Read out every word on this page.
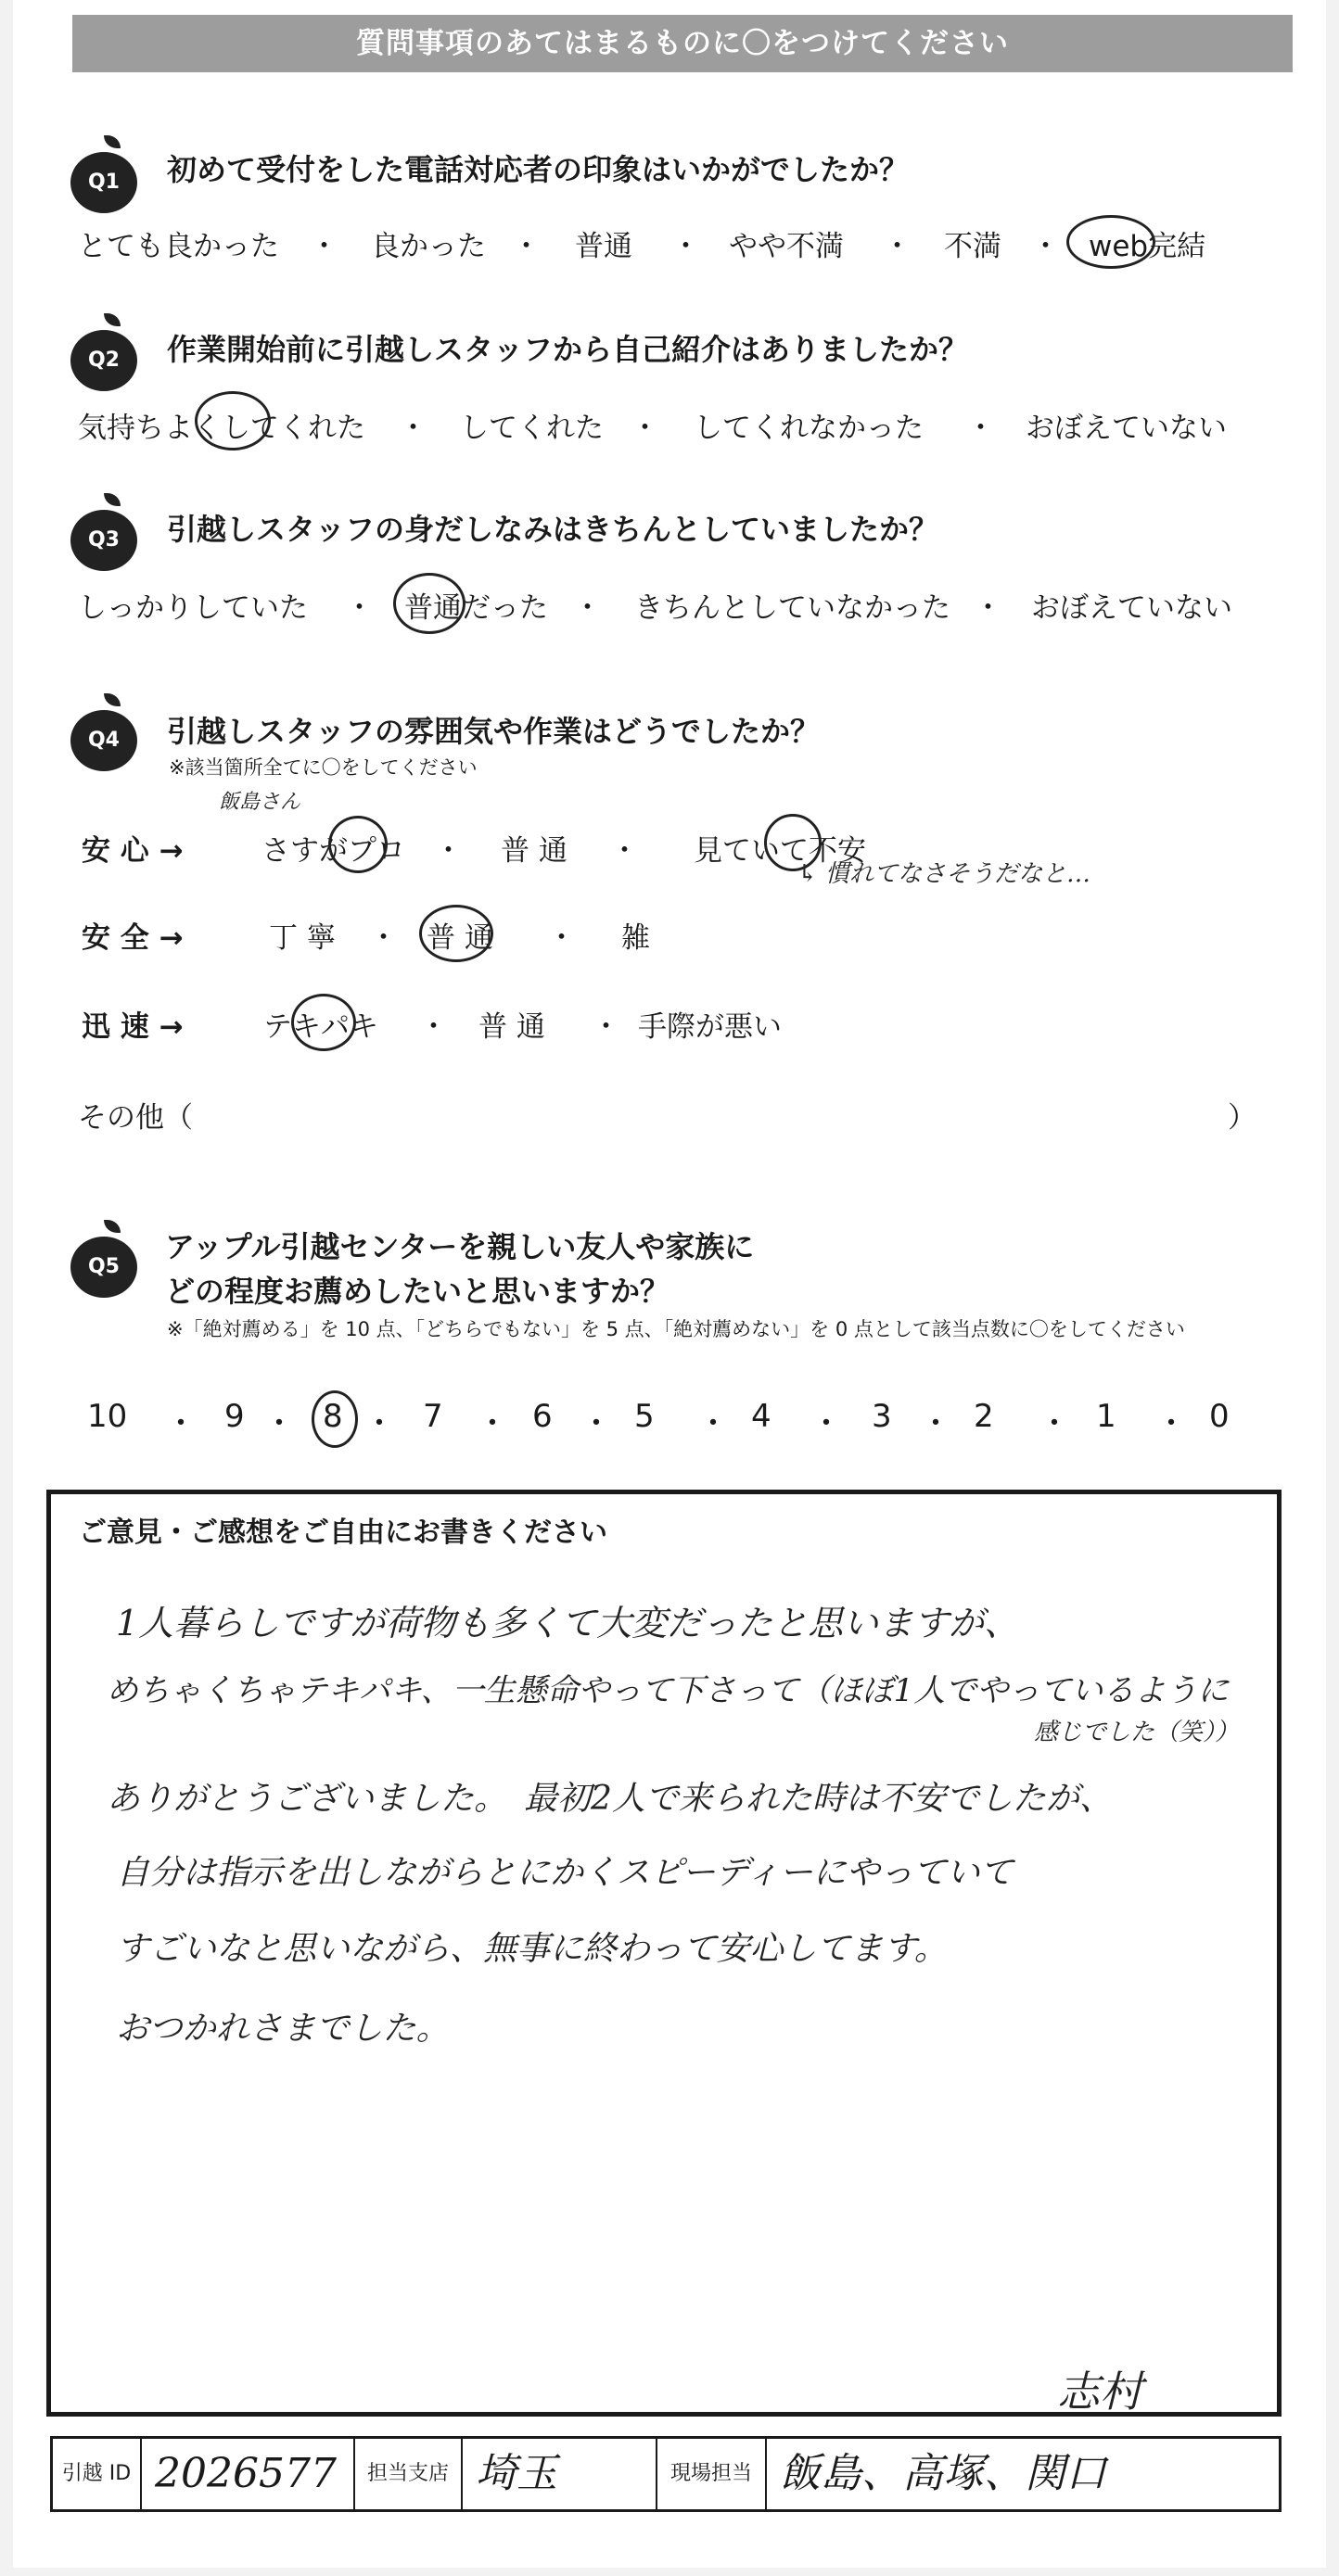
質問事項のあてはまるものに〇をつけてください
Q1	初めて受付をした電話対応者の印象はいかがでしたか？
とても良かった ・ 良かった ・ 普通 ・ やや不満 ・ 不満 ・ web完結
Q2	作業開始前に引越しスタッフから自己紹介はありましたか？
気持ちよくしてくれた ・ してくれた ・ してくれなかった ・ おぼえていない
Q3	引越しスタッフの身だしなみはきちんとしていましたか？
しっかりしていた ・ 普通だった ・ きちんとしていなかった ・ おぼえていない
Q4	引越しスタッフの雰囲気や作業はどうでしたか？
※該当箇所全てに〇をしてください
飯島さん
安 心 →	さすがプロ ・ 普 通 ・ 見ていて不安
↳ 慣れてなさそうだなと…
安 全 →	丁 寧 ・ 普 通 ・ 雑
迅 速 →	テキパキ ・ 普 通 ・ 手際が悪い
その他（	）
Q5
アップル引越センターを親しい友人や家族に
どの程度お薦めしたいと思いますか？
※「絶対薦める」を 10 点、「どちらでもない」を 5 点、「絶対薦めない」を 0 点として該当点数に〇をしてください
10 ・ 9 ・ 8 ・ 7 ・ 6 ・ 5 ・ 4 ・ 3 ・ 2 ・ 1 ・ 0
ご意見・ご感想をご自由にお書きください
1人暮らしですが荷物も多くて大変だったと思いますが、
めちゃくちゃテキパキ、一生懸命やって下さって（ほぼ1人でやっているように
感じでした（笑））
ありがとうございました。　最初2人で来られた時は不安でしたが、
自分は指示を出しながらとにかくスピーディーにやっていて
すごいなと思いながら、無事に終わって安心してます。
おつかれさまでした。
志村
引越 ID 2026577	担当支店 埼玉	現場担当 飯島、高塚、関口
